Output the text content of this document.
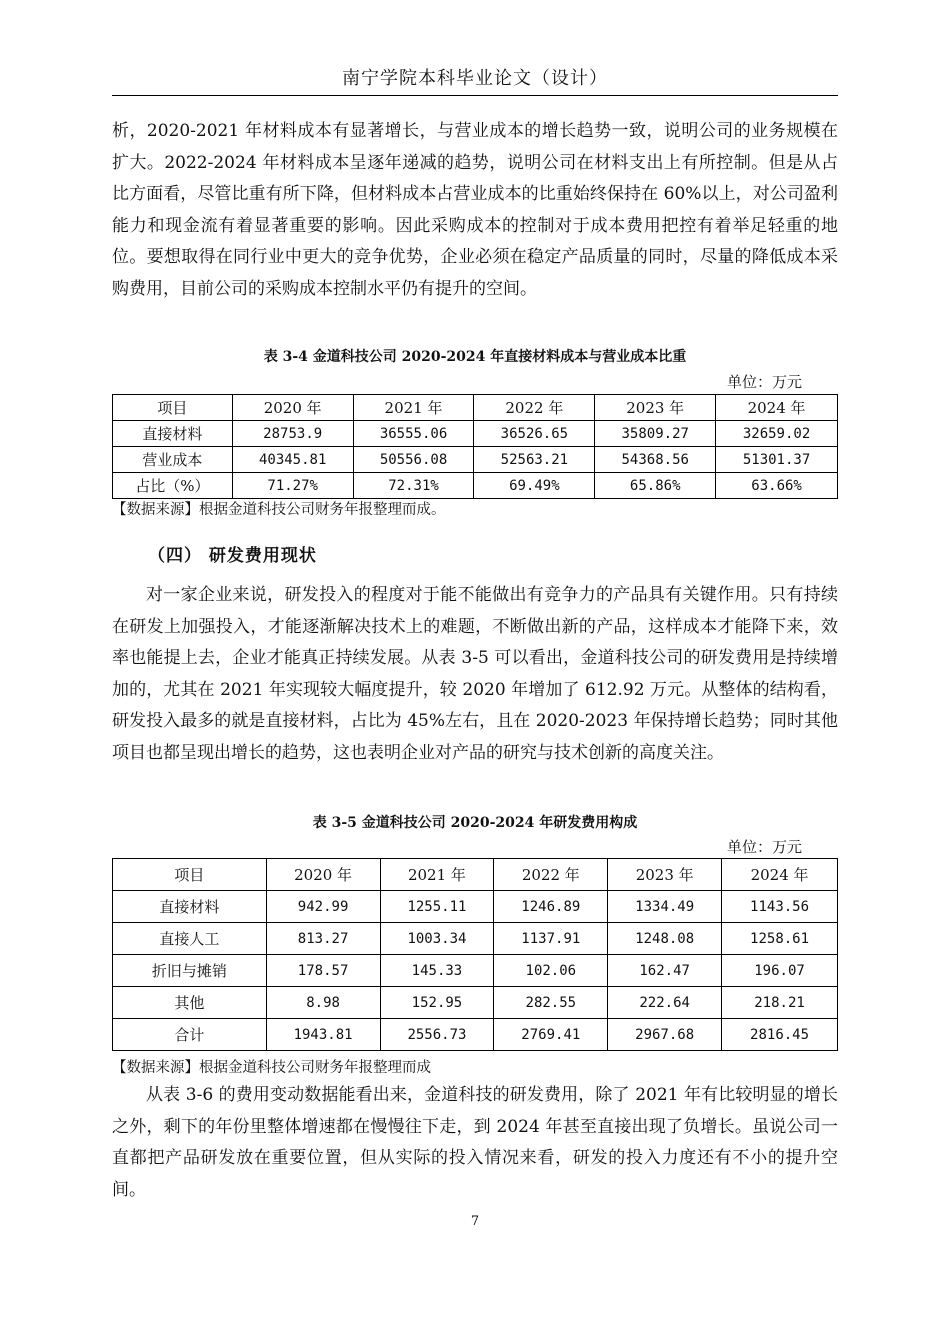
南宁学院本科毕业论文（设计）

析，2020-2021 年材料成本有显著增长，与营业成本的增长趋势一致，说明公司的业务规模在扩大。2022-2024 年材料成本呈逐年递减的趋势，说明公司在材料支出上有所控制。但是从占比方面看，尽管比重有所下降，但材料成本占营业成本的比重始终保持在 60%以上，对公司盈利能力和现金流有着显著重要的影响。因此采购成本的控制对于成本费用把控有着举足轻重的地位。要想取得在同行业中更大的竞争优势，企业必须在稳定产品质量的同时，尽量的降低成本采购费用，目前公司的采购成本控制水平仍有提升的空间。

表 3-4 金道科技公司 2020-2024 年直接材料成本与营业成本比重
单位：万元
项目	2020 年	2021 年	2022 年	2023 年	2024 年
直接材料	28753.9	36555.06	36526.65	35809.27	32659.02
营业成本	40345.81	50556.08	52563.21	54368.56	51301.37
占比（%）	71.27%	72.31%	69.49%	65.86%	63.66%
【数据来源】根据金道科技公司财务年报整理而成。
（四） 研发费用现状

对一家企业来说，研发投入的程度对于能不能做出有竞争力的产品具有关键作用。只有持续在研发上加强投入，才能逐渐解决技术上的难题，不断做出新的产品，这样成本才能降下来，效率也能提上去，企业才能真正持续发展。从表 3-5 可以看出，金道科技公司的研发费用是持续增加的，尤其在 2021 年实现较大幅度提升，较 2020 年增加了 612.92 万元。从整体的结构看，研发投入最多的就是直接材料，占比为 45%左右，且在 2020-2023 年保持增长趋势；同时其他项目也都呈现出增长的趋势，这也表明企业对产品的研究与技术创新的高度关注。

表 3-5 金道科技公司 2020-2024 年研发费用构成
单位：万元
项目	2020 年	2021 年	2022 年	2023 年	2024 年
直接材料	942.99	1255.11	1246.89	1334.49	1143.56
直接人工	813.27	1003.34	1137.91	1248.08	1258.61
折旧与摊销	178.57	145.33	102.06	162.47	196.07
其他	8.98	152.95	282.55	222.64	218.21
合计	1943.81	2556.73	2769.41	2967.68	2816.45
【数据来源】根据金道科技公司财务年报整理而成

从表 3-6 的费用变动数据能看出来，金道科技的研发费用，除了 2021 年有比较明显的增长之外，剩下的年份里整体增速都在慢慢往下走，到 2024 年甚至直接出现了负增长。虽说公司一直都把产品研发放在重要位置，但从实际的投入情况来看，研发的投入力度还有不小的提升空间。

7
